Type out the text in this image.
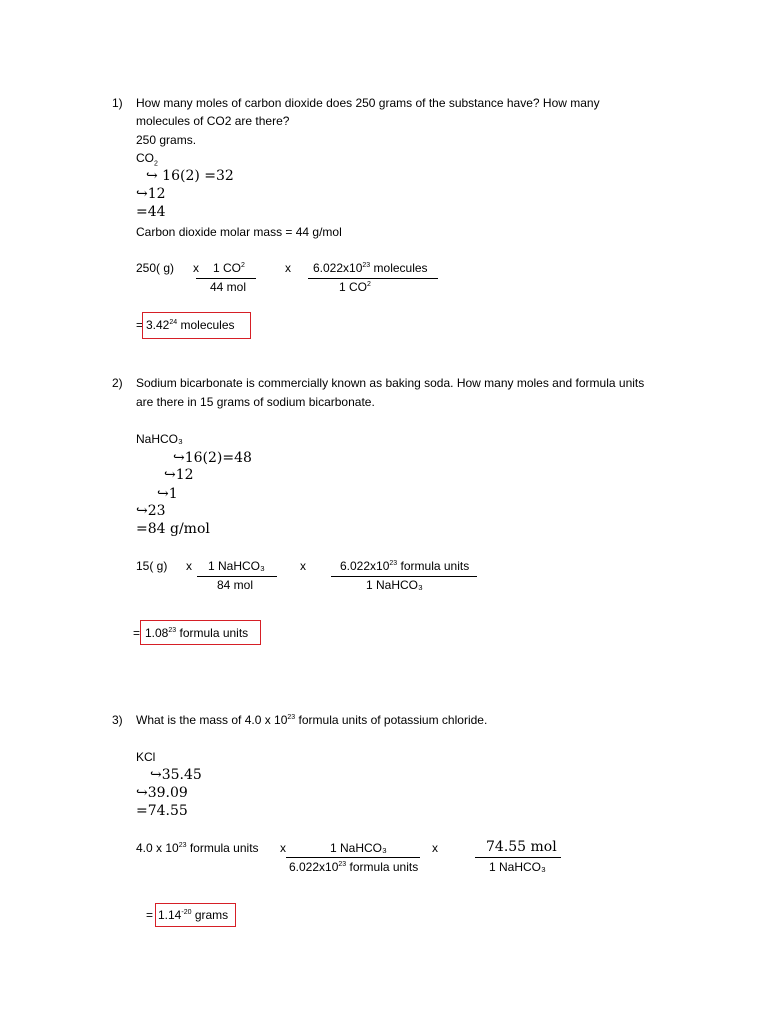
1) How many moles of carbon dioxide does 250 grams of the substance have? How many
molecules of CO2 are there?
250 grams.
$CO_2$
↪ 16(2) =32
↪12
=44
Carbon dioxide molar mass = 44 g/mol
250( g) x 1 $CO^2$
44 mol
x $6.022x10^{23}$ molecules
1 $CO^2$
= $3.42^{24}$ molecules
2) Sodium bicarbonate is commercially known as baking soda. How many moles and formula units
are there in 15 grams of sodium bicarbonate.
NaHCO₃
↪16(2)=48
↪12
↪1
↪23
=84 g/mol
15( g) x 1 NaHCO₃
84 mol
x	$6.022x10^{23}$ formula units
1 NaHCO₃
= $1.08^{23}$ formula units
3) What is the mass of 4.0 x $10^{23}$ formula units of potassium chloride.
KCl
↪35.45
↪39.09
=74.55
4.0 x $10^{23}$ formula units x	1 NaHCO₃
$6.022x10^{23}$ formula units
x	74.55 mol
1 NaHCO₃
= $1.14^{-20}$ grams
